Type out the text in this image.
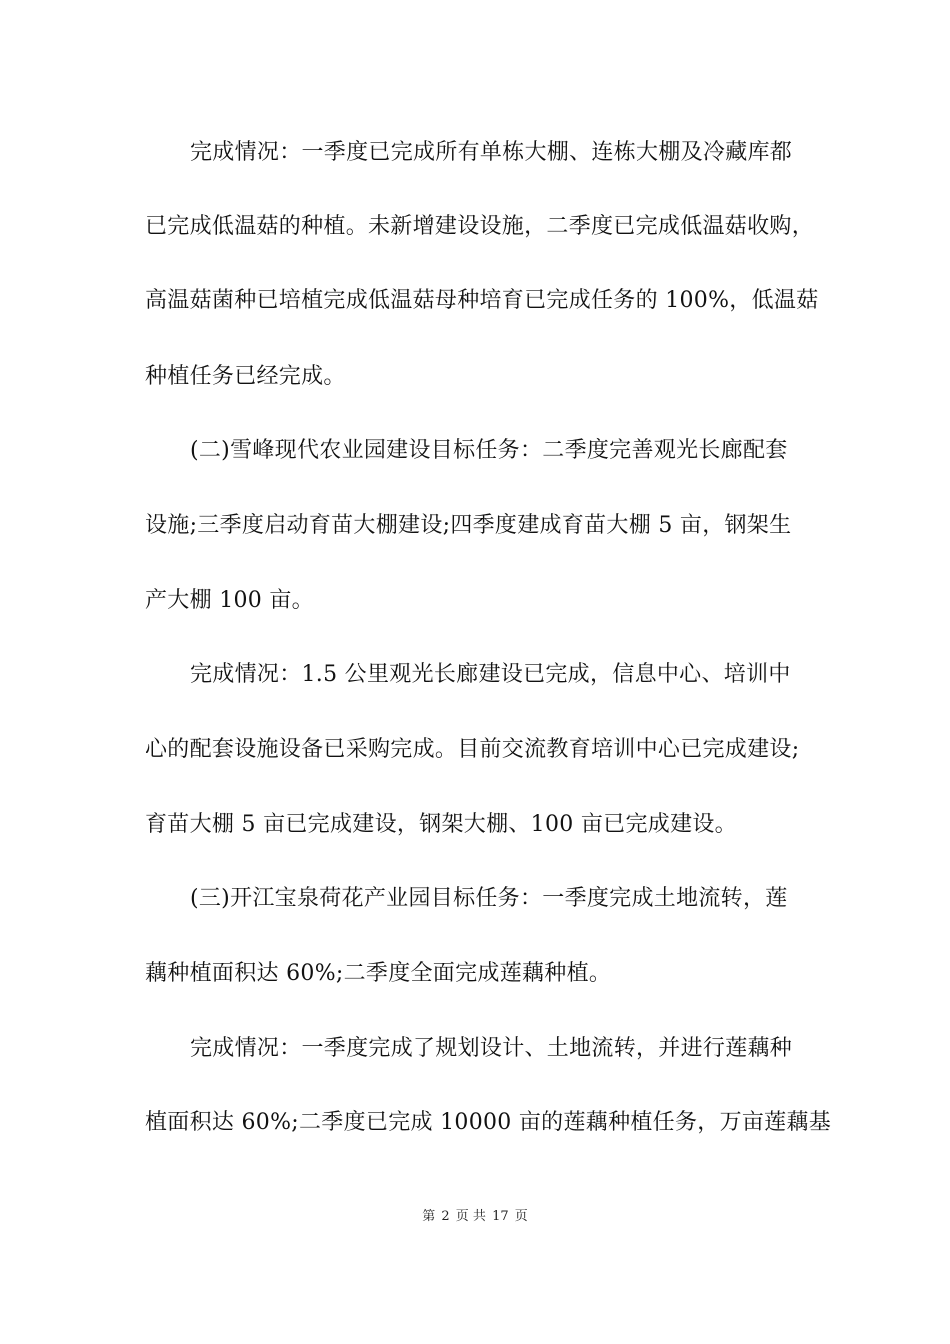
完成情况：一季度已完成所有单栋大棚、连栋大棚及冷藏库都
已完成低温菇的种植。未新增建设设施，二季度已完成低温菇收购，
高温菇菌种已培植完成低温菇母种培育已完成任务的 100%，低温菇
种植任务已经完成。
(二)雪峰现代农业园建设目标任务：二季度完善观光长廊配套
设施;三季度启动育苗大棚建设;四季度建成育苗大棚 5 亩，钢架生
产大棚 100 亩。
完成情况：1.5 公里观光长廊建设已完成，信息中心、培训中
心的配套设施设备已采购完成。目前交流教育培训中心已完成建设;
育苗大棚 5 亩已完成建设，钢架大棚、100 亩已完成建设。
(三)开江宝泉荷花产业园目标任务：一季度完成土地流转，莲
藕种植面积达 60%;二季度全面完成莲藕种植。
完成情况：一季度完成了规划设计、土地流转，并进行莲藕种
植面积达 60%;二季度已完成 10000 亩的莲藕种植任务，万亩莲藕基
第 2 页 共 17 页
